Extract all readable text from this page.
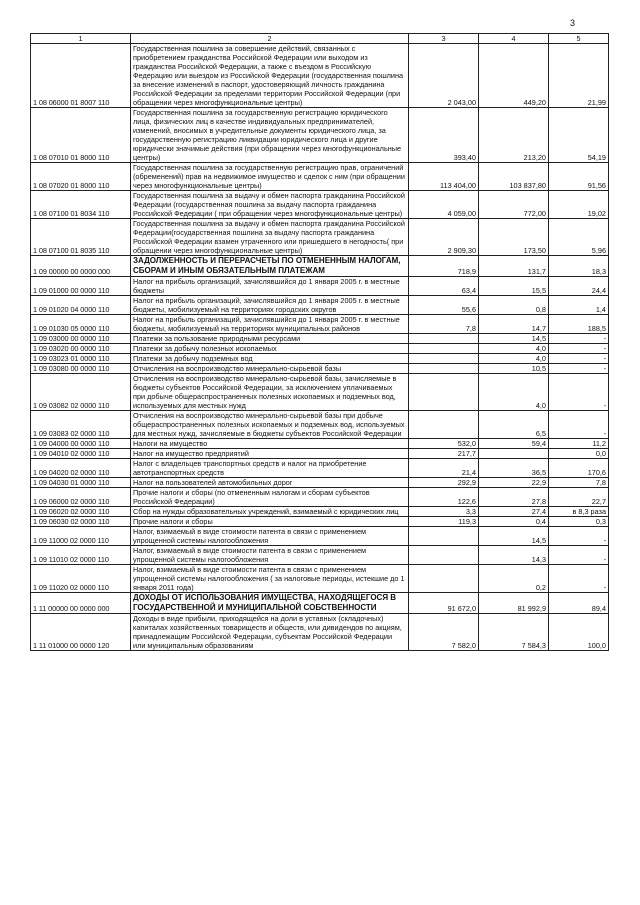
3
1	2	3	4	5
1 08 06000 01 8007 110	Государственная пошлина за совершение действий, связанных с приобретением гражданства Российской Федерации или выходом из гражданства Российской Федерации, а также с въездом в Российскую Федерацию или выездом из Российской Федерации (государственная пошлина за внесение изменений в паспорт, удостоверяющий личность гражданина Российской Федерации за пределами территории Российской Федерации (при обращении через многофункциональные центры)	2 043,00	449,20	21,99
1 08 07010 01 8000 110	Государственная пошлина за государственную регистрацию юридического лица, физических лиц в качестве индивидуальных предпринимателей, изменений, вносимых в учредительные документы юридического лица, за государственную регистрацию ликвидации юридического лица и другие юридически значимые действия (при обращении через многофункциональные центры)	393,40	213,20	54,19
1 08 07020 01 8000 110	Государственная пошлина за государственную регистрацию прав, ограничений (обременений) прав на недвижимое имущество и сделок с ним (при обращении через многофункциональные центры)	113 404,00	103 837,80	91,56
1 08 07100 01 8034 110	Государственная пошлина за выдачу и обмен паспорта гражданина Российской Федерации (государственная пошлина за выдачу паспорта гражданина Российской Федерации ( при обращении через многофункциональные центры)	4 059,00	772,00	19,02
1 08 07100 01 8035 110	Государственная пошлина за выдачу и обмен паспорта гражданина Российской Федерации(государственная пошлина за выдачу паспорта гражданина Российской Федерации взамен утраченного или пришедшего в негодность( при обращении через многофункциональные центры)	2 909,30	173,50	5,96
1 09 00000 00 0000 000	ЗАДОЛЖЕННОСТЬ И ПЕРЕРАСЧЕТЫ ПО ОТМЕНЕННЫМ НАЛОГАМ, СБОРАМ И ИНЫМ ОБЯЗАТЕЛЬНЫМ ПЛАТЕЖАМ	718,9	131,7	18,3
1 09 01000 00 0000 110	Налог на прибыль организаций, зачислявшийся до 1 января 2005 г. в местные бюджеты	63,4	15,5	24,4
1 09 01020 04 0000 110	Налог на прибыль организаций, зачислявшийся до 1 января 2005 г. в местные бюджеты, мобилизуемый на территориях городских округов	55,6	0,8	1,4
1 09 01030 05 0000 110	Налог на прибыль организаций, зачислявшийся до 1 января 2005 г. в местные бюджеты, мобилизуемый на территориях муниципальных районов	7,8	14,7	188,5
1 09 03000 00 0000 110	Платежи за пользование природными ресурсами		14,5	-
1 09 03020 00 0000 110	Платежи за добычу полезных ископаемых		4,0	-
1 09 03023 01 0000 110	Платежи за добычу подземных вод		4,0	-
1 09 03080 00 0000 110	Отчисления на воспроизводство минерально-сырьевой базы		10,5	-
1 09 03082 02 0000 110	Отчисления на воспроизводство минерально-сырьевой базы, зачисляемые в бюджеты субъектов Российской Федерации, за исключением уплачиваемых при добыче общераспространенных полезных ископаемых и подземных вод, используемых для местных нужд		4,0	-
1 09 03083 02 0000 110	Отчисления на воспроизводство минерально-сырьевой базы при добыче общераспространенных полезных ископаемых и подземных вод, используемых для местных нужд, зачисляемые в бюджеты субъектов Российской Федерации		6,5	-
1 09 04000 00 0000 110	Налоги на имущество	532,0	59,4	11,2
1 09 04010 02 0000 110	Налог на имущество предприятий	217,7		0,0
1 09 04020 02 0000 110	Налог с владельцев транспортных средств и налог на приобретение автотранспортных средств	21,4	36,5	170,6
1 09 04030 01 0000 110	Налог на пользователей автомобильных дорог	292,9	22,9	7,8
1 09 06000 02 0000 110	Прочие налоги и сборы (по отмененным налогам и сборам субъектов Российской Федерации)	122,6	27,8	22,7
1 09 06020 02 0000 110	Сбор на нужды образовательных учреждений, взимаемый с юридических лиц	3,3	27,4	в 8,3 раза
1 09 06030 02 0000 110	Прочие налоги и сборы	119,3	0,4	0,3
1 09 11000 02 0000 110	Налог, взимаемый в виде стоимости патента в связи с применением упрощенной системы налогообложения		14,5	-
1 09 11010 02 0000 110	Налог, взимаемый в виде стоимости патента в связи с применением упрощенной системы налогообложения		14,3	-
1 09 11020 02 0000 110	Налог, взимаемый в виде стоимости патента в связи с применением упрощенной системы налогообложения ( за налоговые периоды, истекшие до 1 января 2011 года)		0,2	-
1 11 00000 00 0000 000	ДОХОДЫ ОТ ИСПОЛЬЗОВАНИЯ ИМУЩЕСТВА, НАХОДЯЩЕГОСЯ В ГОСУДАРСТВЕННОЙ И МУНИЦИПАЛЬНОЙ СОБСТВЕННОСТИ	91 672,0	81 992,9	89,4
1 11 01000 00 0000 120	Доходы в виде прибыли, приходящейся на доли в уставных (складочных) капиталах хозяйственных товариществ и обществ, или дивидендов по акциям, принадлежащим Российской Федерации, субъектам Российской Федерации или муниципальным образованиям	7 582,0	7 584,3	100,0
